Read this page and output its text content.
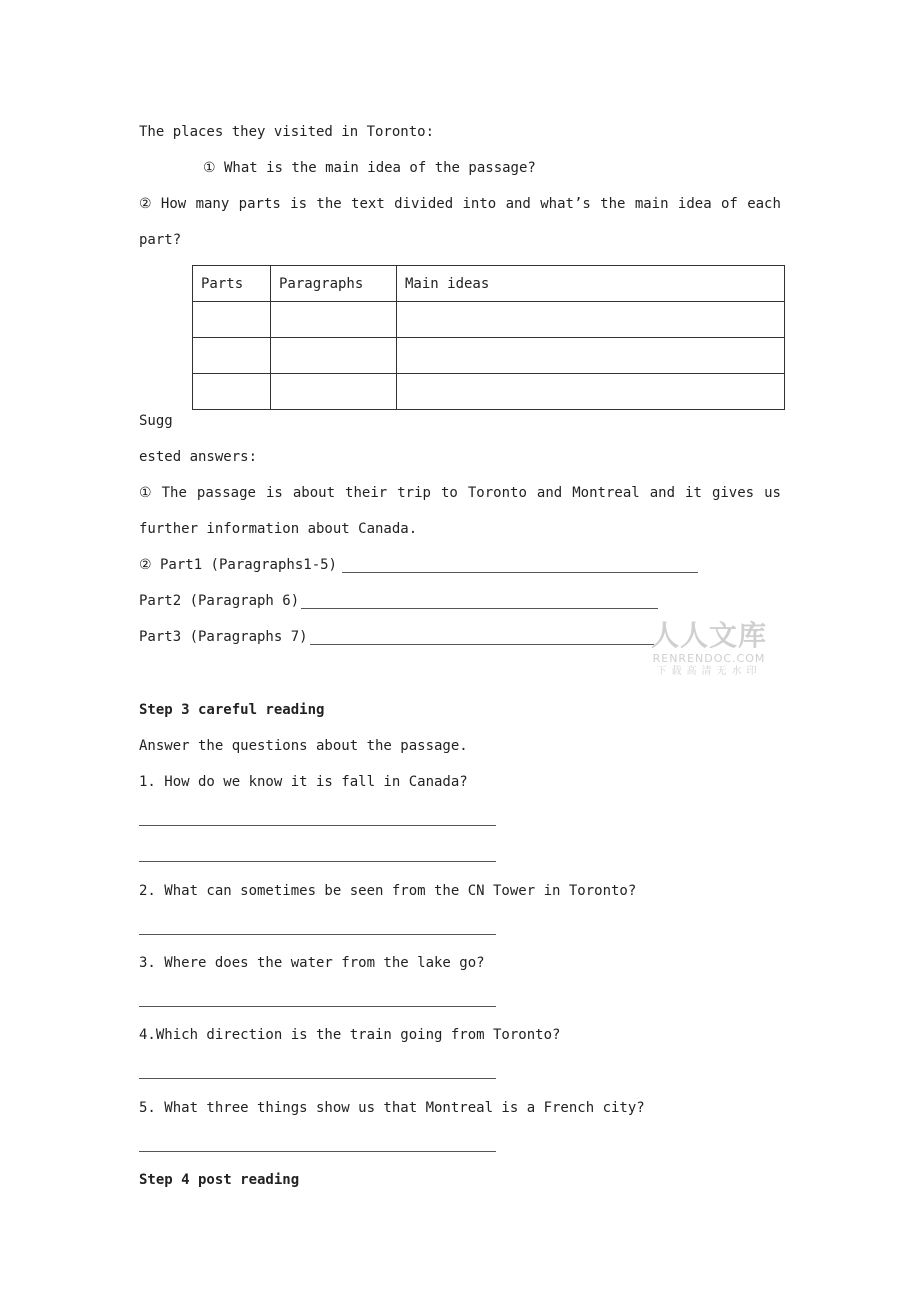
The places they visited in Toronto:
① What is the main idea of the passage?
② How many parts is the text divided into and what’s the main idea of each
part?
Parts	Paragraphs	Main ideas

Sugg
ested answers:
① The passage is about their trip to Toronto and Montreal and it gives us
further information about Canada.
② Part1 (Paragraphs1-5)
Part2 (Paragraph 6)
Part3 (Paragraphs 7)	人人文库
RENRENDOC.COM
下载高清无水印
Step 3 careful reading
Answer the questions about the passage.
1. How do we know it is fall in Canada?
2. What can sometimes be seen from the CN Tower in Toronto?
3. Where does the water from the lake go?
4.Which direction is the train going from Toronto?
5. What three things show us that Montreal is a French city?
Step 4 post reading
